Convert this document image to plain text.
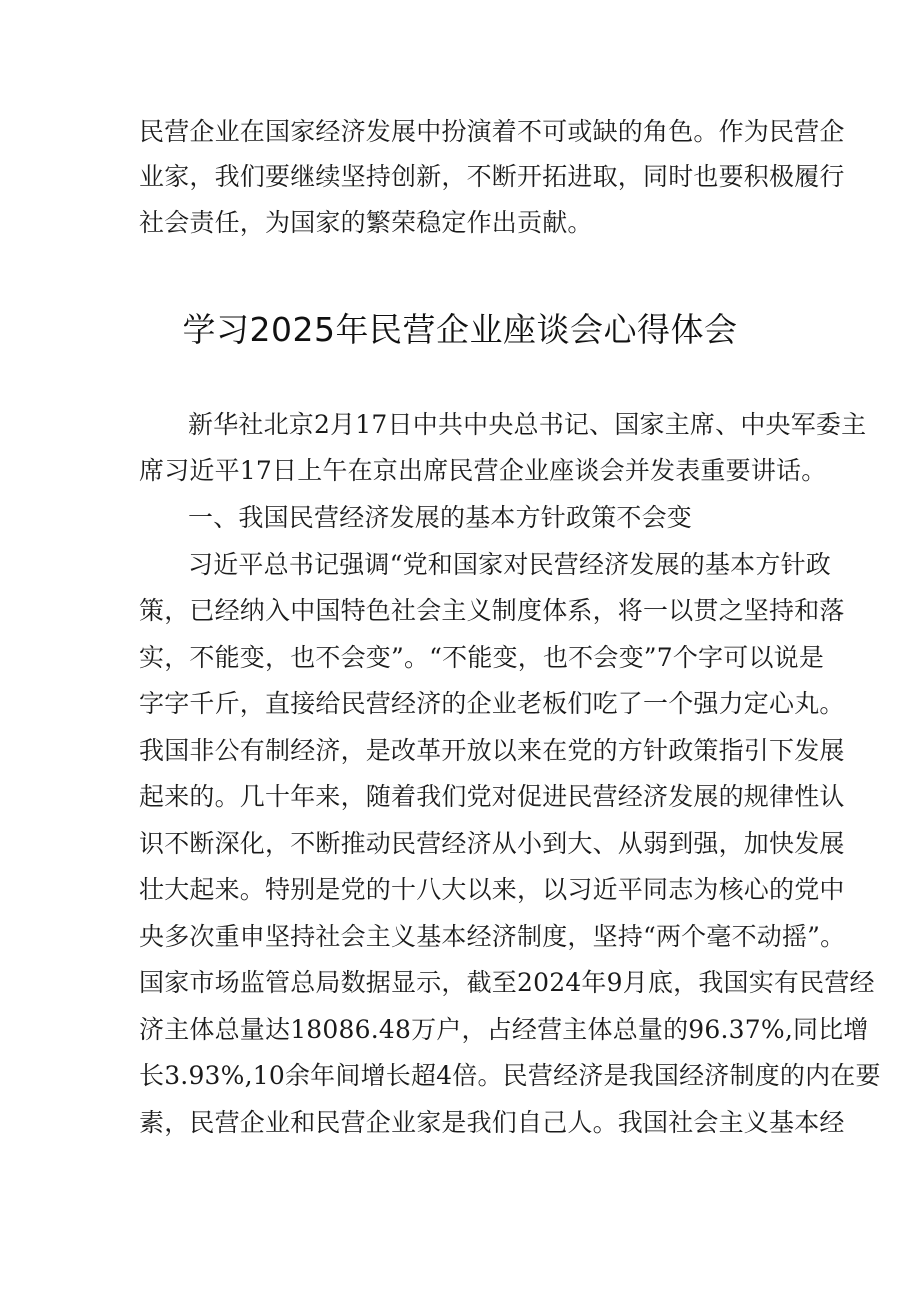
民营企业在国家经济发展中扮演着不可或缺的角色。作为民营企
业家，我们要继续坚持创新，不断开拓进取，同时也要积极履行
社会责任，为国家的繁荣稳定作出贡献。
学习2025年民营企业座谈会心得体会
新华社北京2月17日中共中央总书记、国家主席、中央军委主
席习近平17日上午在京出席民营企业座谈会并发表重要讲话。
一、我国民营经济发展的基本方针政策不会变
习近平总书记强调“党和国家对民营经济发展的基本方针政
策，已经纳入中国特色社会主义制度体系，将一以贯之坚持和落
实，不能变，也不会变”。“不能变，也不会变”7个字可以说是
字字千斤，直接给民营经济的企业老板们吃了一个强力定心丸。
我国非公有制经济，是改革开放以来在党的方针政策指引下发展
起来的。几十年来，随着我们党对促进民营经济发展的规律性认
识不断深化，不断推动民营经济从小到大、从弱到强，加快发展
壮大起来。特别是党的十八大以来，以习近平同志为核心的党中
央多次重申坚持社会主义基本经济制度，坚持“两个毫不动摇”。
国家市场监管总局数据显示，截至2024年9月底，我国实有民营经
济主体总量达18086.48万户，占经营主体总量的96.37%,同比增
长3.93%,10余年间增长超4倍。民营经济是我国经济制度的内在要
素，民营企业和民营企业家是我们自己人。我国社会主义基本经
